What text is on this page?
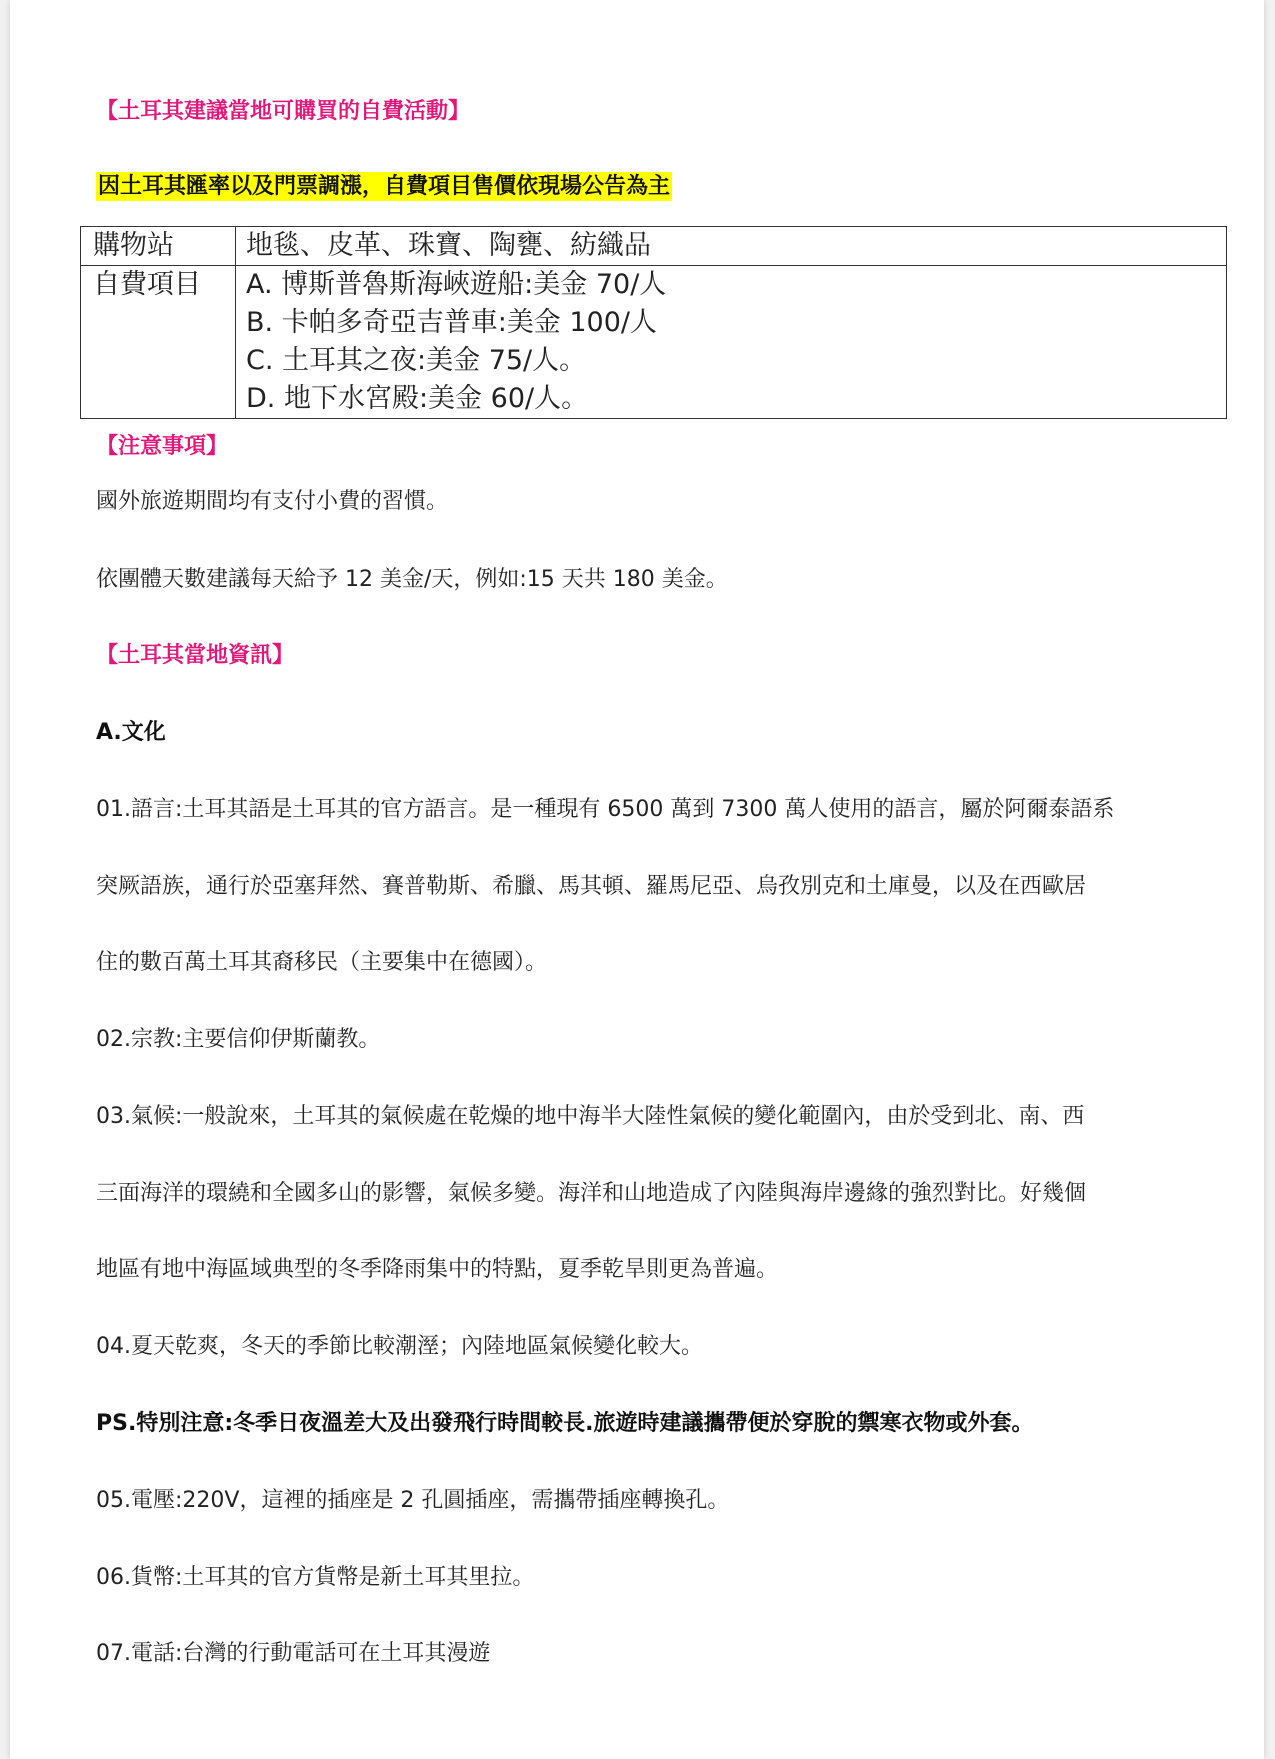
【土耳其建議當地可購買的自費活動】
因土耳其匯率以及門票調漲，自費項目售價依現場公告為主
購物站	地毯、皮革、珠寶、陶甕、紡織品

自費項目	A. 博斯普魯斯海峽遊船:美金 70/人
B. 卡帕多奇亞吉普車:美金 100/人
C. 土耳其之夜:美金 75/人。
D. 地下水宮殿:美金 60/人。
【注意事項】
國外旅遊期間均有支付小費的習慣。
依團體天數建議每天給予 12 美金/天，例如:15 天共 180 美金。
【土耳其當地資訊】
A.文化
01.語言:土耳其語是土耳其的官方語言。是一種現有 6500 萬到 7300 萬人使用的語言，屬於阿爾泰語系
突厥語族，通行於亞塞拜然、賽普勒斯、希臘、馬其頓、羅馬尼亞、烏孜別克和土庫曼，以及在西歐居
住的數百萬土耳其裔移民（主要集中在德國）。
02.宗教:主要信仰伊斯蘭教。
03.氣候:一般說來，土耳其的氣候處在乾燥的地中海半大陸性氣候的變化範圍內，由於受到北、南、西
三面海洋的環繞和全國多山的影響，氣候多變。海洋和山地造成了內陸與海岸邊緣的強烈對比。好幾個
地區有地中海區域典型的冬季降雨集中的特點，夏季乾旱則更為普遍。
04.夏天乾爽，冬天的季節比較潮溼；內陸地區氣候變化較大。
PS.特別注意:冬季日夜溫差大及出發飛行時間較長.旅遊時建議攜帶便於穿脫的禦寒衣物或外套。
05.電壓:220V，這裡的插座是 2 孔圓插座，需攜帶插座轉換孔。
06.貨幣:土耳其的官方貨幣是新土耳其里拉。
07.電話:台灣的行動電話可在土耳其漫遊
